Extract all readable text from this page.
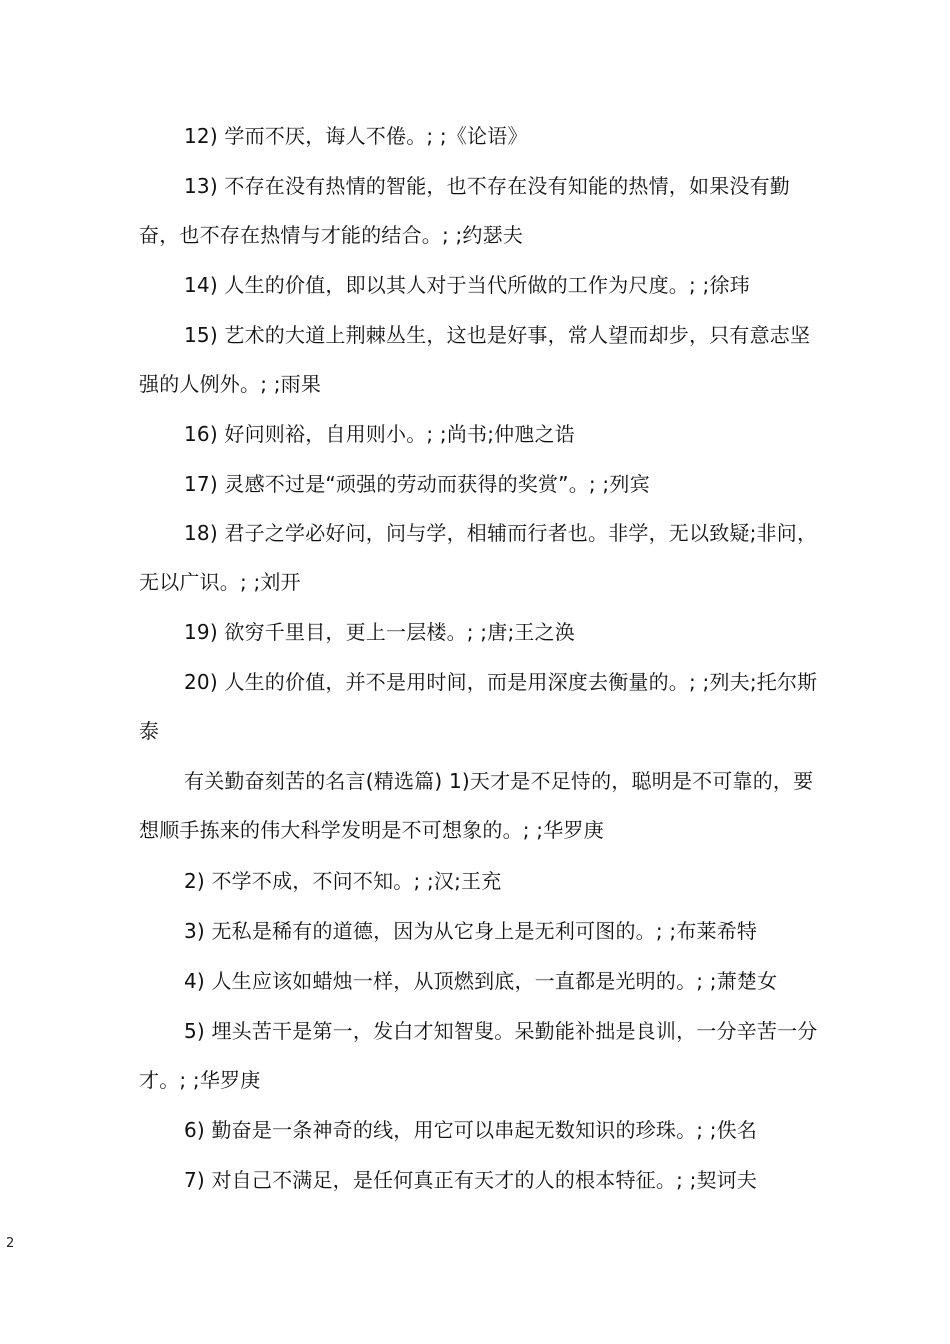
12) 学而不厌，诲人不倦。; ;《论语》

13) 不存在没有热情的智能，也不存在没有知能的热情，如果没有勤奋，也不存在热情与才能的结合。; ;约瑟夫

14) 人生的价值，即以其人对于当代所做的工作为尺度。; ;徐玮

15) 艺术的大道上荆棘丛生，这也是好事，常人望而却步，只有意志坚强的人例外。; ;雨果

16) 好问则裕，自用则小。; ;尚书;仲虺之诰

17) 灵感不过是“顽强的劳动而获得的奖赏”。; ;列宾

18) 君子之学必好问，问与学，相辅而行者也。非学，无以致疑;非问，无以广识。; ;刘开

19) 欲穷千里目，更上一层楼。; ;唐;王之涣

20) 人生的价值，并不是用时间，而是用深度去衡量的。; ;列夫;托尔斯泰

有关勤奋刻苦的名言(精选篇) 1)天才是不足恃的，聪明是不可靠的，要想顺手拣来的伟大科学发明是不可想象的。; ;华罗庚

2) 不学不成，不问不知。; ;汉;王充

3) 无私是稀有的道德，因为从它身上是无利可图的。; ;布莱希特

4) 人生应该如蜡烛一样，从顶燃到底，一直都是光明的。; ;萧楚女

5) 埋头苦干是第一，发白才知智叟。呆勤能补拙是良训，一分辛苦一分才。; ;华罗庚

6) 勤奋是一条神奇的线，用它可以串起无数知识的珍珠。; ;佚名

7) 对自己不满足，是任何真正有天才的人的根本特征。; ;契诃夫

2
